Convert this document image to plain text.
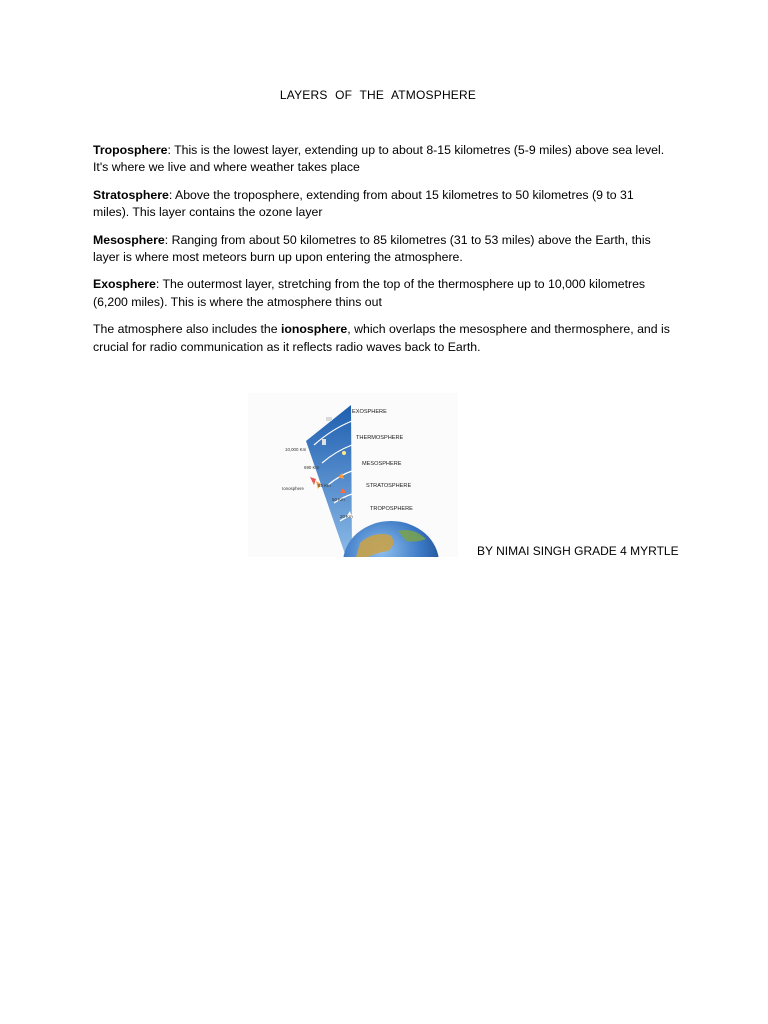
LAYERS OF THE ATMOSPHERE

Troposphere: This is the lowest layer, extending up to about 8-15 kilometres (5-9 miles) above sea level. It's where we live and where weather takes place

Stratosphere: Above the troposphere, extending from about 15 kilometres to 50 kilometres (9 to 31 miles). This layer contains the ozone layer

Mesosphere: Ranging from about 50 kilometres to 85 kilometres (31 to 53 miles) above the Earth, this layer is where most meteors burn up upon entering the atmosphere.

Exosphere: The outermost layer, stretching from the top of the thermosphere up to 10,000 kilometres (6,200 miles). This is where the atmosphere thins out

The atmosphere also includes the ionosphere, which overlaps the mesosphere and thermosphere, and is crucial for radio communication as it reflects radio waves back to Earth.

EXOSPHERE
THERMOSPHERE
MESOSPHERE
STRATOSPHERE
TROPOSPHERE
10,000 Km
690 Km
85 Km
50 Km
20 Km
Ionosphere
BY NIMAI SINGH GRADE 4 MYRTLE
